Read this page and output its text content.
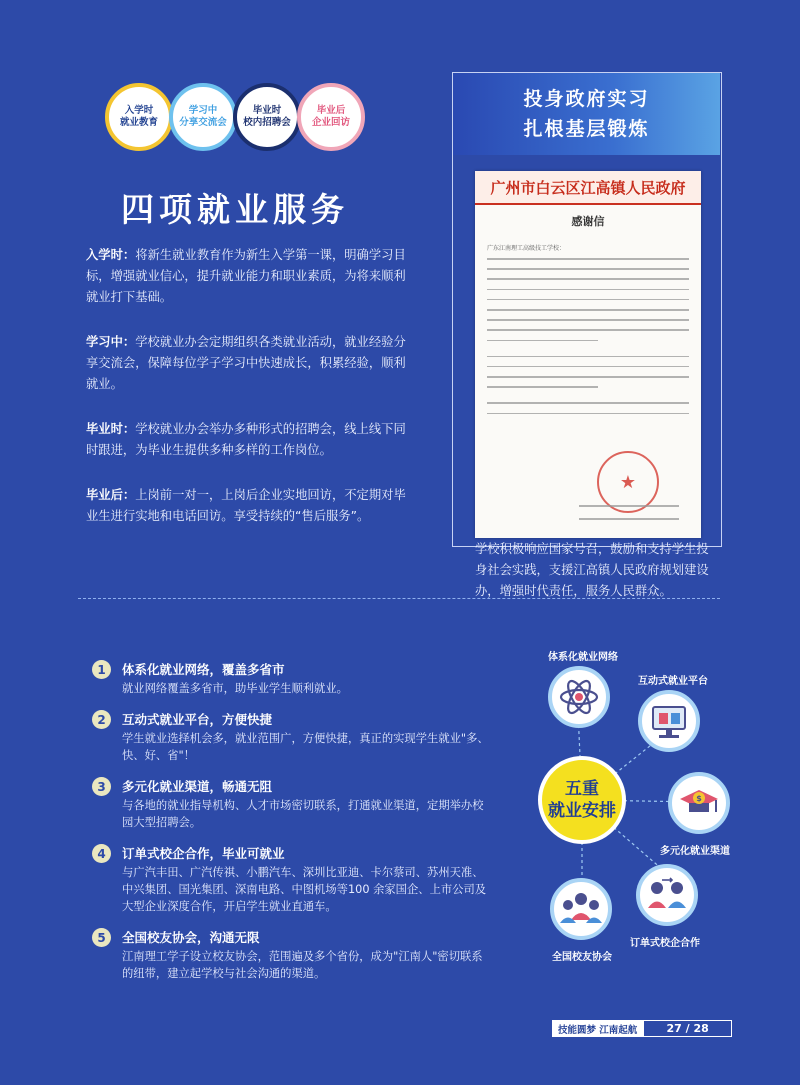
入学时
就业教育
学习中
分享交流会
毕业时
校内招聘会
毕业后
企业回访
四项就业服务

入学时：将新生就业教育作为新生入学第一课，明确学习目标，增强就业信心，提升就业能力和职业素质，为将来顺利就业打下基础。

学习中：学校就业办会定期组织各类就业活动，就业经验分享交流会，保障每位学子学习中快速成长，积累经验，顺利就业。

毕业时：学校就业办会举办多种形式的招聘会，线上线下同时跟进，为毕业生提供多种多样的工作岗位。

毕业后：上岗前一对一，上岗后企业实地回访，不定期对毕业生进行实地和电话回访。享受持续的“售后服务”。

投身政府实习
扎根基层锻炼
广州市白云区江高镇人民政府
感谢信
广东江南理工高级技工学校：
★

学校积极响应国家号召，鼓励和支持学生投身社会实践，支援江高镇人民政府规划建设办，增强时代责任，服务人民群众。

1	体系化就业网络，覆盖多省市
就业网络覆盖多省市，助毕业学生顺利就业。
2	互动式就业平台，方便快捷
学生就业选择机会多，就业范围广，方便快捷，真正的实现学生就业"多、快、好、省"！
3	多元化就业渠道，畅通无阻
与各地的就业指导机构、人才市场密切联系，打通就业渠道，定期举办校园大型招聘会。
4	订单式校企合作，毕业可就业
与广汽丰田、广汽传祺、小鹏汽车、深圳比亚迪、卡尔蔡司、苏州天准、中兴集团、国光集团、深南电路、中图机场等100 余家国企、上市公司及大型企业深度合作，开启学生就业直通车。
5	全国校友协会，沟通无限
江南理工学子设立校友协会，范围遍及多个省份，成为"江南人"密切联系的纽带，建立起学校与社会沟通的渠道。
体系化就业网络
互动式就业平台
$
多元化就业渠道
订单式校企合作
全国校友协会
五重
就业安排
技能圆梦 江南起航	27 / 28
